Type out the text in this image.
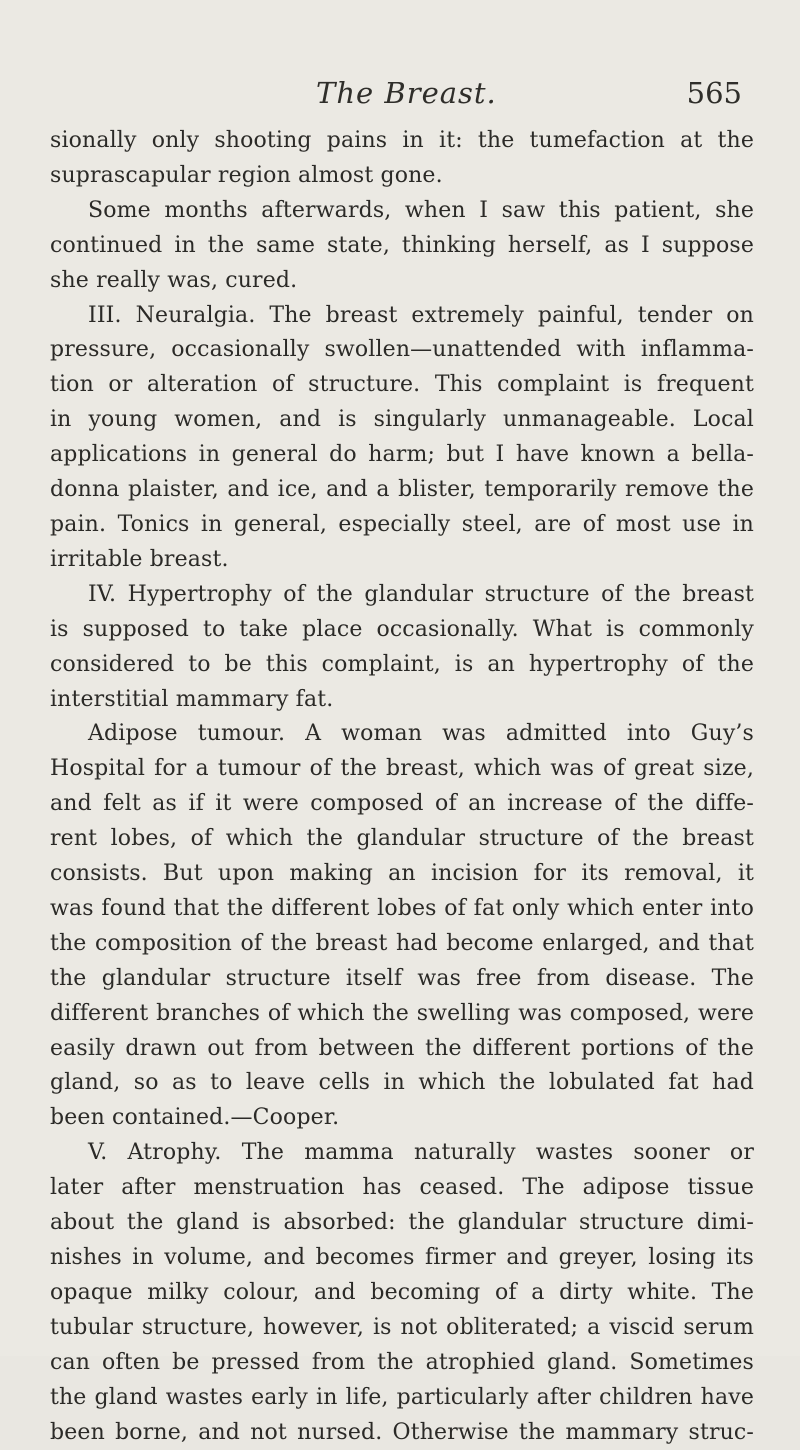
The Breast.	565
sionally only shooting pains in it: the tumefaction at the
suprascapular region almost gone.
Some months afterwards, when I saw this patient, she
continued in the same state, thinking herself, as I suppose
she really was, cured.
III. Neuralgia. The breast extremely painful, tender on
pressure, occasionally swollen—unattended with inflamma-
tion or alteration of structure. This complaint is frequent
in young women, and is singularly unmanageable. Local
applications in general do harm; but I have known a bella-
donna plaister, and ice, and a blister, temporarily remove the
pain. Tonics in general, especially steel, are of most use in
irritable breast.
IV. Hypertrophy of the glandular structure of the breast
is supposed to take place occasionally. What is commonly
considered to be this complaint, is an hypertrophy of the
interstitial mammary fat.
Adipose tumour. A woman was admitted into Guy’s
Hospital for a tumour of the breast, which was of great size,
and felt as if it were composed of an increase of the diffe-
rent lobes, of which the glandular structure of the breast
consists. But upon making an incision for its removal, it
was found that the different lobes of fat only which enter into
the composition of the breast had become enlarged, and that
the glandular structure itself was free from disease. The
different branches of which the swelling was composed, were
easily drawn out from between the different portions of the
gland, so as to leave cells in which the lobulated fat had
been contained.—Cooper.
V. Atrophy. The mamma naturally wastes sooner or
later after menstruation has ceased. The adipose tissue
about the gland is absorbed: the glandular structure dimi-
nishes in volume, and becomes firmer and greyer, losing its
opaque milky colour, and becoming of a dirty white. The
tubular structure, however, is not obliterated; a viscid serum
can often be pressed from the atrophied gland. Sometimes
the gland wastes early in life, particularly after children have
been borne, and not nursed. Otherwise the mammary struc-
